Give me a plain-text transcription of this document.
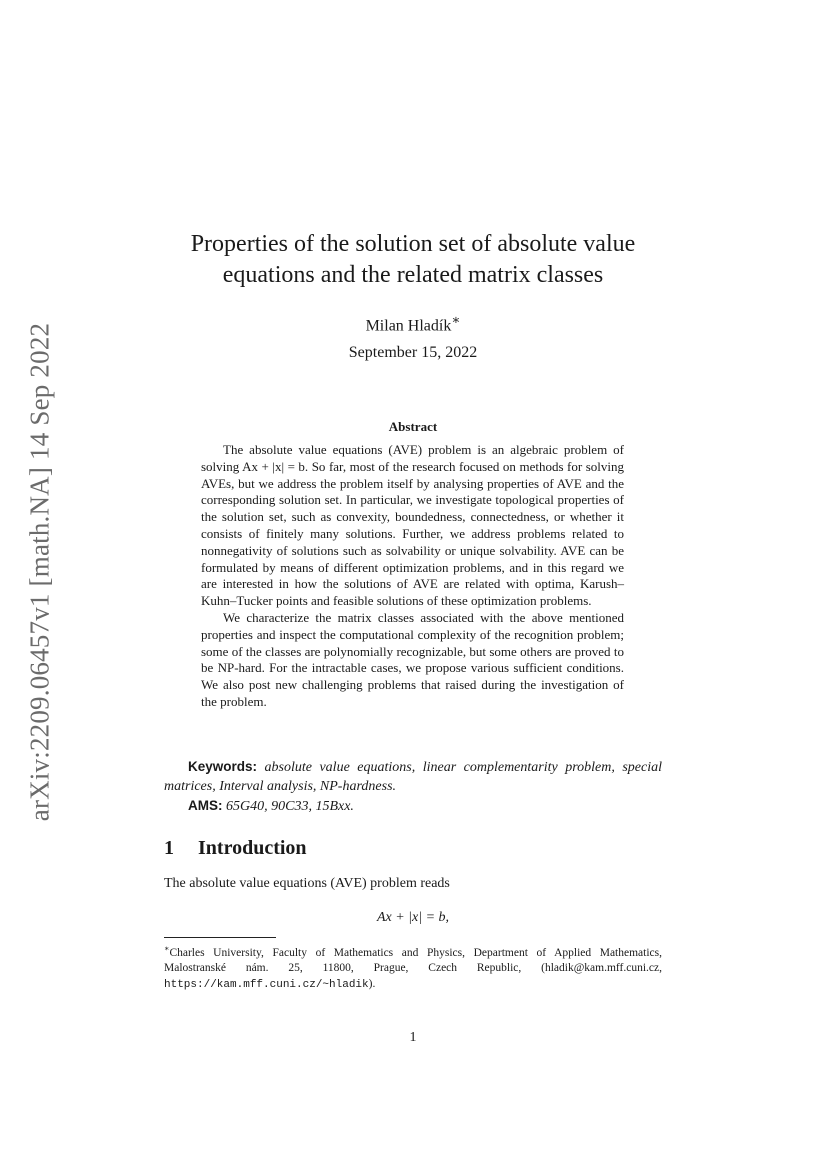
arXiv:2209.06457v1 [math.NA] 14 Sep 2022
Properties of the solution set of absolute value
equations and the related matrix classes
Milan Hladík∗
September 15, 2022
Abstract

The absolute value equations (AVE) problem is an algebraic problem of solving Ax + |x| = b. So far, most of the research focused on methods for solving AVEs, but we address the problem itself by analysing properties of AVE and the corresponding solution set. In particular, we investigate topological properties of the solution set, such as convexity, boundedness, connectedness, or whether it consists of finitely many solutions. Further, we address problems related to nonnegativity of solutions such as solvability or unique solvability. AVE can be formulated by means of different optimization problems, and in this regard we are interested in how the solutions of AVE are related with optima, Karush–Kuhn–Tucker points and feasible solutions of these optimization problems.

We characterize the matrix classes associated with the above mentioned properties and inspect the computational complexity of the recognition problem; some of the classes are polynomially recognizable, but some others are proved to be NP-hard. For the intractable cases, we propose various sufficient conditions. We also post new challenging problems that raised during the investigation of the problem.

Keywords: absolute value equations, linear complementarity problem, special matrices, Interval analysis, NP-hardness.

AMS: 65G40, 90C33, 15Bxx.

1 Introduction
The absolute value equations (AVE) problem reads
Ax + |x| = b,
∗Charles University, Faculty of Mathematics and Physics, Department of Applied Mathematics, Malostranské nám. 25, 11800, Prague, Czech Republic, (hladik@kam.mff.cuni.cz, https://kam.mff.cuni.cz/~hladik).
1
